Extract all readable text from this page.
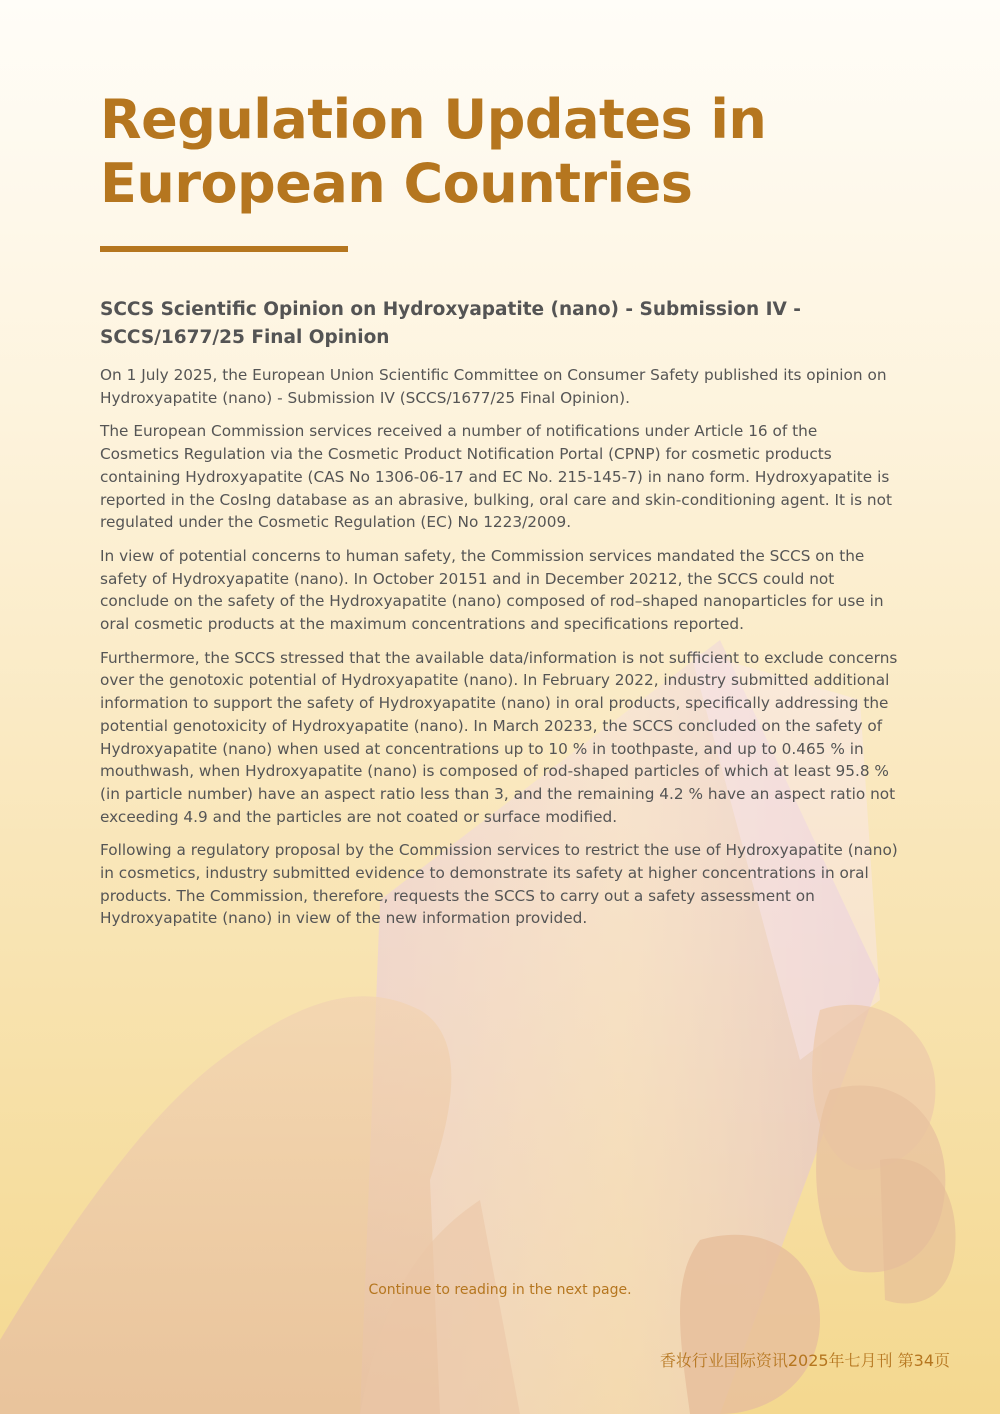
Regulation Updates in European Countries
SCCS Scientific Opinion on Hydroxyapatite (nano) - Submission IV - SCCS/1677/25 Final Opinion

On 1 July 2025, the European Union Scientific Committee on Consumer Safety published its opinion on Hydroxyapatite (nano) - Submission IV (SCCS/1677/25 Final Opinion).

The European Commission services received a number of notifications under Article 16 of the Cosmetics Regulation via the Cosmetic Product Notification Portal (CPNP) for cosmetic products containing Hydroxyapatite (CAS No 1306-06-17 and EC No. 215-145-7) in nano form. Hydroxyapatite is reported in the CosIng database as an abrasive, bulking, oral care and skin-conditioning agent. It is not regulated under the Cosmetic Regulation (EC) No 1223/2009.

In view of potential concerns to human safety, the Commission services mandated the SCCS on the safety of Hydroxyapatite (nano). In October 20151 and in December 20212, the SCCS could not conclude on the safety of the Hydroxyapatite (nano) composed of rod–shaped nanoparticles for use in oral cosmetic products at the maximum concentrations and specifications reported.

Furthermore, the SCCS stressed that the available data/information is not sufficient to exclude concerns over the genotoxic potential of Hydroxyapatite (nano). In February 2022, industry submitted additional information to support the safety of Hydroxyapatite (nano) in oral products, specifically addressing the potential genotoxicity of Hydroxyapatite (nano). In March 20233, the SCCS concluded on the safety of Hydroxyapatite (nano) when used at concentrations up to 10 % in toothpaste, and up to 0.465 % in mouthwash, when Hydroxyapatite (nano) is composed of rod-shaped particles of which at least 95.8 % (in particle number) have an aspect ratio less than 3, and the remaining 4.2 % have an aspect ratio not exceeding 4.9 and the particles are not coated or surface modified.

Following a regulatory proposal by the Commission services to restrict the use of Hydroxyapatite (nano) in cosmetics, industry submitted evidence to demonstrate its safety at higher concentrations in oral products. The Commission, therefore, requests the SCCS to carry out a safety assessment on Hydroxyapatite (nano) in view of the new information provided.

Continue to reading in the next page.
香妆行业国际资讯2025年七月刊 第34页
